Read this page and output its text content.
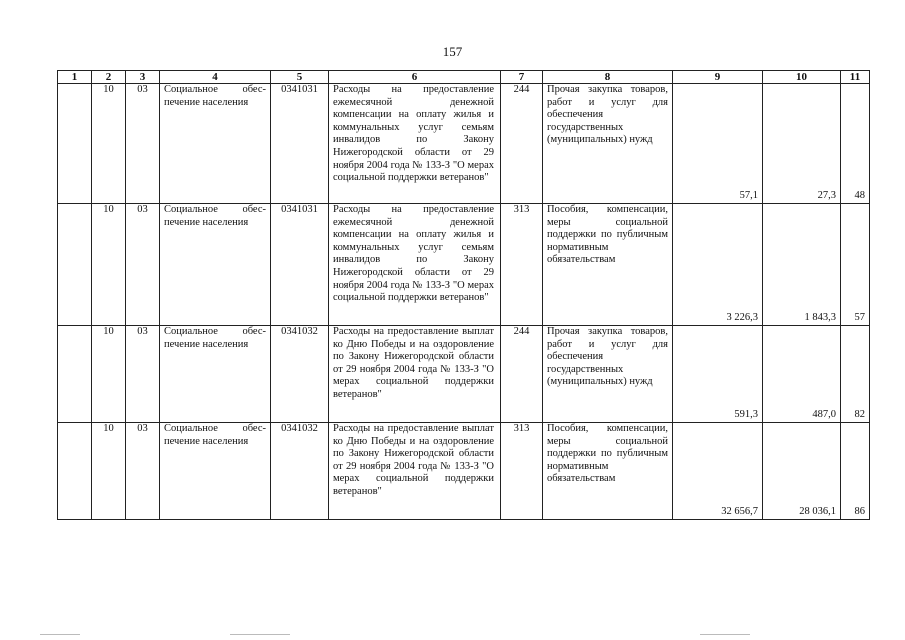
157
1	2	3	4	5	6	7	8	9	10	11
	10	03	Социальное обес-печение населения	0341031	Расходы на предоставление ежемесячной денежной компенсации на оплату жилья и коммунальных услуг семьям инвалидов по Закону Нижегородской области от 29 ноября 2004 года № 133-З "О мерах социальной поддержки ветеранов"	244	Прочая закупка товаров, работ и услуг для обеспечения государственных (муниципальных) нужд	57,1	27,3	48
	10	03	Социальное обес-печение населения	0341031	Расходы на предоставление ежемесячной денежной компенсации на оплату жилья и коммунальных услуг семьям инвалидов по Закону Нижегородской области от 29 ноября 2004 года № 133-З "О мерах социальной поддержки ветеранов"	313	Пособия, компенсации, меры социальной поддержки по публичным нормативным обязательствам	3 226,3	1 843,3	57
	10	03	Социальное обес-печение населения	0341032	Расходы на предоставление выплат ко Дню Победы и на оздоровление по Закону Нижегородской области от 29 ноября 2004 года № 133-З "О мерах социальной поддержки ветеранов"	244	Прочая закупка товаров, работ и услуг для обеспечения государственных (муниципальных) нужд	591,3	487,0	82
	10	03	Социальное обес-печение населения	0341032	Расходы на предоставление выплат ко Дню Победы и на оздоровление по Закону Нижегородской области от 29 ноября 2004 года № 133-З "О мерах социальной поддержки ветеранов"	313	Пособия, компенсации, меры социальной поддержки по публичным нормативным обязательствам	32 656,7	28 036,1	86
